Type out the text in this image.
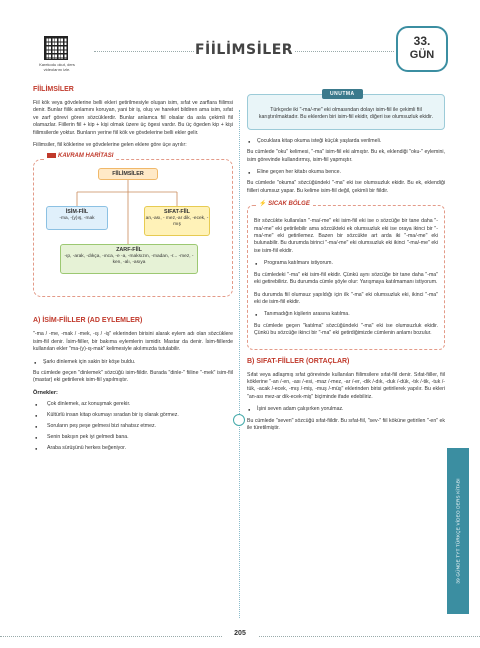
Karekodu okut, ders videolarını izle.
FİİLİMSİLER
33.
GÜN
FİİLİMSİLER

Fiil kök veya gövdelerine belli ekleri getirilmesiyle oluşan isim, sıfat ve zarflara fiilimsi denir. Bunlar fiilik anlamını koruyan, yani bir iş, oluş ve hareket bildiren ama isim, sıfat ve zarf görevi gören sözcüklerdir. Bunlar anlamca fiil olsalar da asla çekimli fiil olamazlar. Fiillerin fiil + kip + kişi olmak üzere üç ögesi vardır. Bu üç ögeden kip + kişi fiilimsilerde yoktur. Bunların yerine fiil kök ve gövdelerine belli ekler gelir.

Fiilimsiler, fiil köklerine ve gövdelerine gelen eklere göre üçe ayrılır:

KAVRAM HARİTASI
FİİLİMSİLER
İSİM-FİİL
-ma, -(y)ış, -mak
SIFAT-FİİL
an,-ası, - mez,-ar dik, -ecek, -mış
ZARF-FİİL
-ıp, -arak, -dıkça, -ınca, -e -a, -maksızın, -madan, -r... -mez, -ken, -alı, -asıya
A) İSİM-FİİLLER (AD EYLEMLER)

"-ma / -me, -mak / -mek, -ış / -iş" eklerinden birisini alarak eylem adı olan sözcüklere isim-fiil denir. İsim-fiiller, bir bakıma eylemlerin ismidir. Mastar da denir. İsim-fiillerde kullanılan ekler "ma-(y)-ış-mak" kelimesiyle akılımızda tutulabilir.

● Şarkı dinlemek için sakin bir köşe buldu.

Bu cümlede geçen "dinlemek" sözcüğü isim-fiildir. Burada "dinle-" fiiline "-mek" isim-fiil (mastar) eki getirilerek isim-fiil yapılmıştır.

Örnekler:
● Çok dinlemek, az konuşmak gerekir.
● Kültürlü insan kitap okumayı sıradan bir iş olarak görmez.
● Soruların peş peşe gelmesi bizi rahatsız etmez.
● Senin bakışın pek iyi gelmedi bana.
● Araba sürüşünü herkes beğeniyor.
UNUTMA

Türkçede iki "-ma/-me" eki olmasından dolayı isim-fiil ile çekimli fiil karıştırılmaktadır. Bu eklerden biri isim-fiil ekidir, diğeri ise olumsuzluk ekidir.

● Çocuklara kitap okuma isteği küçük yaşlarda verilmeli.

Bu cümlede "oku" kelimesi, "-ma" isim-fiil eki almıştır. Bu ek, eklendiği "oku-" eylemini, isim görevinde kullandırmış, isim-fiil yapmıştır.

● Eline geçen her kitabı okuma bence.

Bu cümlede "okuma" sözcüğündeki "-ma" eki ise olumsuzluk ekidir. Bu ek, eklendiği fiilleri olumsuz yapar. Bu kelime isim-fiil değil, çekimli bir fiildir.

⚡ SICAK BÖLGE

Bir sözcükte kullanılan "-ma/-me" eki isim-fiil eki ise o sözcüğe bir tane daha "-ma/-me" eki getirilebilir ama sözcükteki ek olumsuzluk eki ise oraya ikinci bir "-ma/-me" eki getirilemez. Bazen bir sözcükte art arda iki "-ma/-me" eki bulunabilir. Bu durumda birinci "-ma/-me" eki olumsuzluk eki ikinci "-ma/-me" eki ise isim-fiil ekidir.

● Programa katılmanı istiyorum.

Bu cümledeki "-ma" eki isim-fiil ekidir. Çünkü aynı sözcüğe bir tane daha "-ma" eki getirebiliriz. Bu durumda cümle şöyle olur: Yarışmaya katılmamanı istiyorum.

Bu durumda fiil olumsuz yapıldığı için ilk "-ma" eki olumsuzluk eki, ikinci "-ma" eki de isim-fiil ekidir.

● Tanımadığın kişilerin arasına katılma.

Bu cümlede geçen "katılma" sözcüğündeki "-ma" eki ise olumsuzluk ekidir. Çünkü bu sözcüğe ikinci bir "-ma" eki getirdiğimizde cümlenin anlamı bozulur.

B) SIFAT-FİİLLER (ORTAÇLAR)

Sıfat veya adlaşmış sıfat görevinde kullanılan fiilimsilere sıfat-fiil denir. Sıfat-fiiller, fiil köklerine "-an /-en, -ası /-esi, -maz /-mez, -ar /-er, -dik /-dık, -duk /-dük, -tık /-tik, -tuk /-tük, -acak /-ecek, -mış /-miş, -muş /-müş" eklerinden birisi getirilerek yapılır. Bu ekleri "an-ası mez-ar dik-ecek-miş" biçiminde ifade edebiliriz.

● İşini seven adam çalışırken yorulmaz.

Bu cümlede "seven" sözcüğü sıfat-fiildir. Bu sıfat-fiil, "sev-" fiil köküne getirilen "-en" ek ile türetilmiştir.

39 GÜNDE TYT TÜRKÇE VİDEO DERS KİTABI
205
